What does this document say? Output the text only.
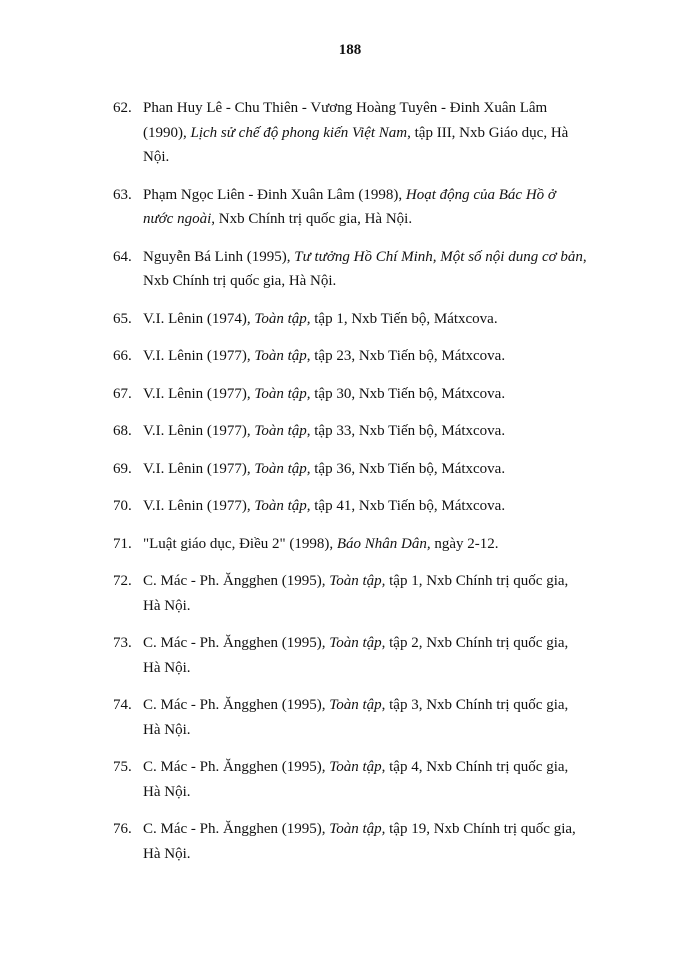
188
62. Phan Huy Lê - Chu Thiên - Vương Hoàng Tuyên - Đinh Xuân Lâm
(1990), Lịch sử chế độ phong kiến Việt Nam, tập III, Nxb Giáo dục, Hà
Nội.
63. Phạm Ngọc Liên - Đinh Xuân Lâm (1998), Hoạt động của Bác Hồ ở
nước ngoài, Nxb Chính trị quốc gia, Hà Nội.
64. Nguyễn Bá Linh (1995), Tư tưởng Hồ Chí Minh, Một số nội dung cơ bản,
Nxb Chính trị quốc gia, Hà Nội.
65. V.I. Lênin (1974), Toàn tập, tập 1, Nxb Tiến bộ, Mátxcova.
66. V.I. Lênin (1977), Toàn tập, tập 23, Nxb Tiến bộ, Mátxcova.
67. V.I. Lênin (1977), Toàn tập, tập 30, Nxb Tiến bộ, Mátxcova.
68. V.I. Lênin (1977), Toàn tập, tập 33, Nxb Tiến bộ, Mátxcova.
69. V.I. Lênin (1977), Toàn tập, tập 36, Nxb Tiến bộ, Mátxcova.
70. V.I. Lênin (1977), Toàn tập, tập 41, Nxb Tiến bộ, Mátxcova.
71. "Luật giáo dục, Điều 2" (1998), Báo Nhân Dân, ngày 2-12.
72. C. Mác - Ph. Ăngghen (1995), Toàn tập, tập 1, Nxb Chính trị quốc gia,
Hà Nội.
73. C. Mác - Ph. Ăngghen (1995), Toàn tập, tập 2, Nxb Chính trị quốc gia,
Hà Nội.
74. C. Mác - Ph. Ăngghen (1995), Toàn tập, tập 3, Nxb Chính trị quốc gia,
Hà Nội.
75. C. Mác - Ph. Ăngghen (1995), Toàn tập, tập 4, Nxb Chính trị quốc gia,
Hà Nội.
76. C. Mác - Ph. Ăngghen (1995), Toàn tập, tập 19, Nxb Chính trị quốc gia,
Hà Nội.
